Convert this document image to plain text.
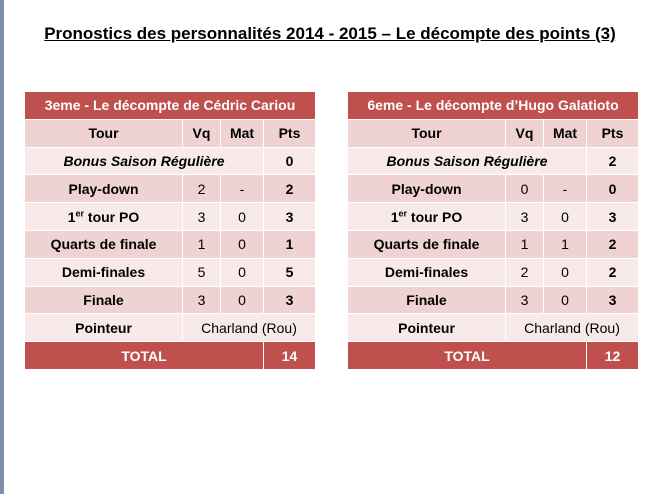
Pronostics des personnalités 2014 - 2015 – Le décompte des points (3)
3eme - Le décompte de Cédric Cariou			
Tour	Vq	Mat	Pts
Bonus Saison Régulière			0
Play-down	2	-	2
1er tour PO	3	0	3
Quarts de finale	1	0	1
Demi-finales	5	0	5
Finale	3	0	3
Pointeur	Charland (Rou)		
TOTAL			14
6eme - Le décompte d’Hugo Galatioto			
Tour	Vq	Mat	Pts
Bonus Saison Régulière			2
Play-down	0	-	0
1er tour PO	3	0	3
Quarts de finale	1	1	2
Demi-finales	2	0	2
Finale	3	0	3
Pointeur	Charland (Rou)		
TOTAL			12
